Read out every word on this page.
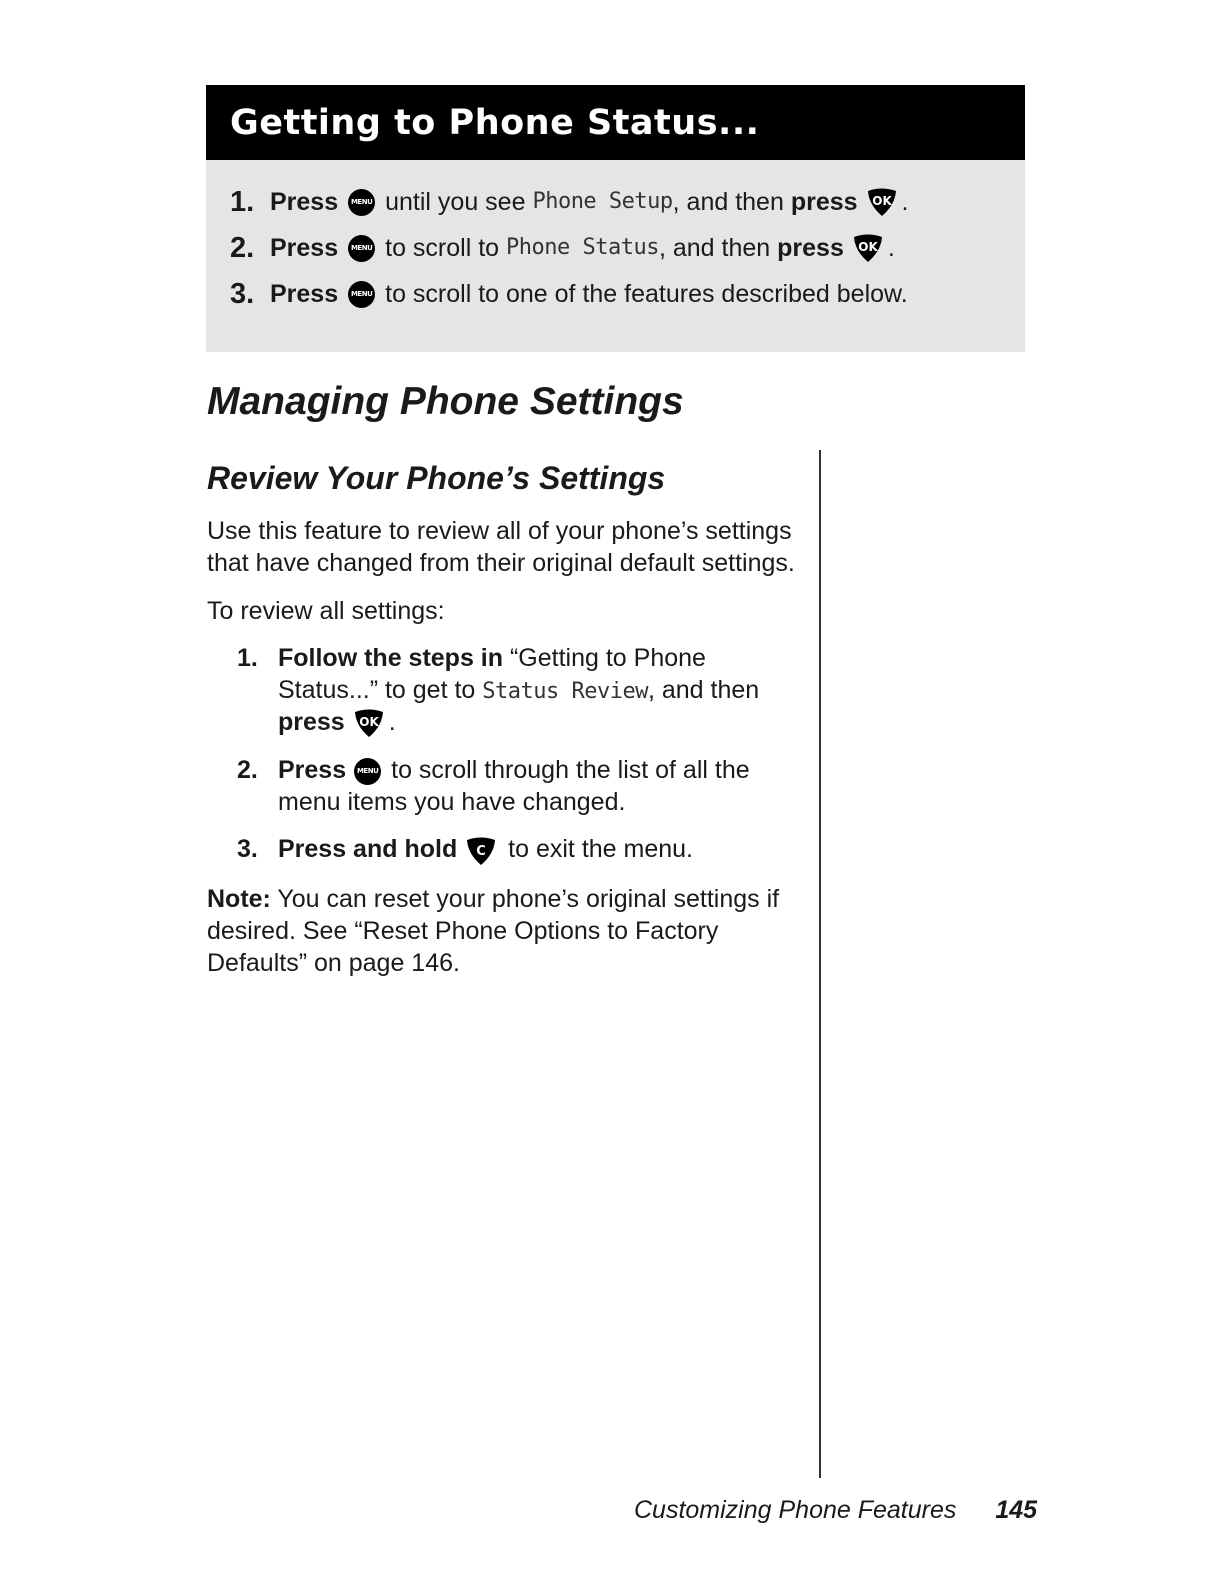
Getting to Phone Status...
1. Press	MENU until you see
Phone Setup , and then
press OK .
2. Press	MENU to scroll to
Phone Status , and then
press OK .
3. Press	MENU to scroll to one of the features described below.
Managing Phone Settings
Review Your Phone’s Settings

Use this feature to review all of your phone’s settings that have changed from their original default settings.

To review all settings:

1. Follow the steps in “Getting to Phone Status...” to get to Status Review, and then press OK .
2. Press MENU to scroll through the list of all the menu items you have changed.
3. Press and hold C to exit the menu.

Note: You can reset your phone’s original settings if desired. See “Reset Phone Options to Factory Defaults” on page 146.

Customizing Phone Features 145
